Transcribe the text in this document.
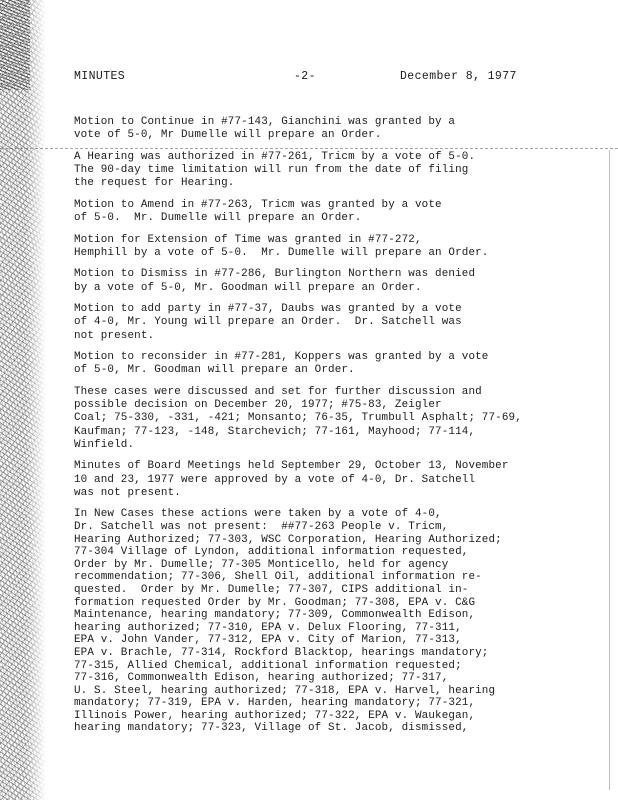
MINUTES	-2-	December 8, 1977

Motion to Continue in #77-143, Gianchini was granted by a
vote of 5-0, Mr Dumelle will prepare an Order.

A Hearing was authorized in #77-261, Tricm by a vote of 5-0.
The 90-day time limitation will run from the date of filing
the request for Hearing.

Motion to Amend in #77-263, Tricm was granted by a vote
of 5-0.  Mr. Dumelle will prepare an Order.

Motion for Extension of Time was granted in #77-272,
Hemphill by a vote of 5-0.  Mr. Dumelle will prepare an Order.

Motion to Dismiss in #77-286, Burlington Northern was denied
by a vote of 5-0, Mr. Goodman will prepare an Order.

Motion to add party in #77-37, Daubs was granted by a vote
of 4-0, Mr. Young will prepare an Order.  Dr. Satchell was
not present.

Motion to reconsider in #77-281, Koppers was granted by a vote
of 5-0, Mr. Goodman will prepare an Order.

These cases were discussed and set for further discussion and
possible decision on December 20, 1977; #75-83, Zeigler
Coal; 75-330, -331, -421; Monsanto; 76-35, Trumbull Asphalt; 77-69,
Kaufman; 77-123, -148, Starchevich; 77-161, Mayhood; 77-114,
Winfield.

Minutes of Board Meetings held September 29, October 13, November
10 and 23, 1977 were approved by a vote of 4-0, Dr. Satchell
was not present.

In New Cases these actions were taken by a vote of 4-0,
Dr. Satchell was not present:  ##77-263 People v. Tricm,
Hearing Authorized; 77-303, WSC Corporation, Hearing Authorized;
77-304 Village of Lyndon, additional information requested,
Order by Mr. Dumelle; 77-305 Monticello, held for agency
recommendation; 77-306, Shell Oil, additional information re-
quested.  Order by Mr. Dumelle; 77-307, CIPS additional in-
formation requested Order by Mr. Goodman; 77-308, EPA v. C&G
Maintenance, hearing mandatory; 77-309, Commonwealth Edison,
hearing authorized; 77-310, EPA v. Delux Flooring, 77-311,
EPA v. John Vander, 77-312, EPA v. City of Marion, 77-313,
EPA v. Brachle, 77-314, Rockford Blacktop, hearings mandatory;
77-315, Allied Chemical, additional information requested;
77-316, Commonwealth Edison, hearing authorized; 77-317,
U. S. Steel, hearing authorized; 77-318, EPA v. Harvel, hearing
mandatory; 77-319, EPA v. Harden, hearing mandatory; 77-321,
Illinois Power, hearing authorized; 77-322, EPA v. Waukegan,
hearing mandatory; 77-323, Village of St. Jacob, dismissed,
